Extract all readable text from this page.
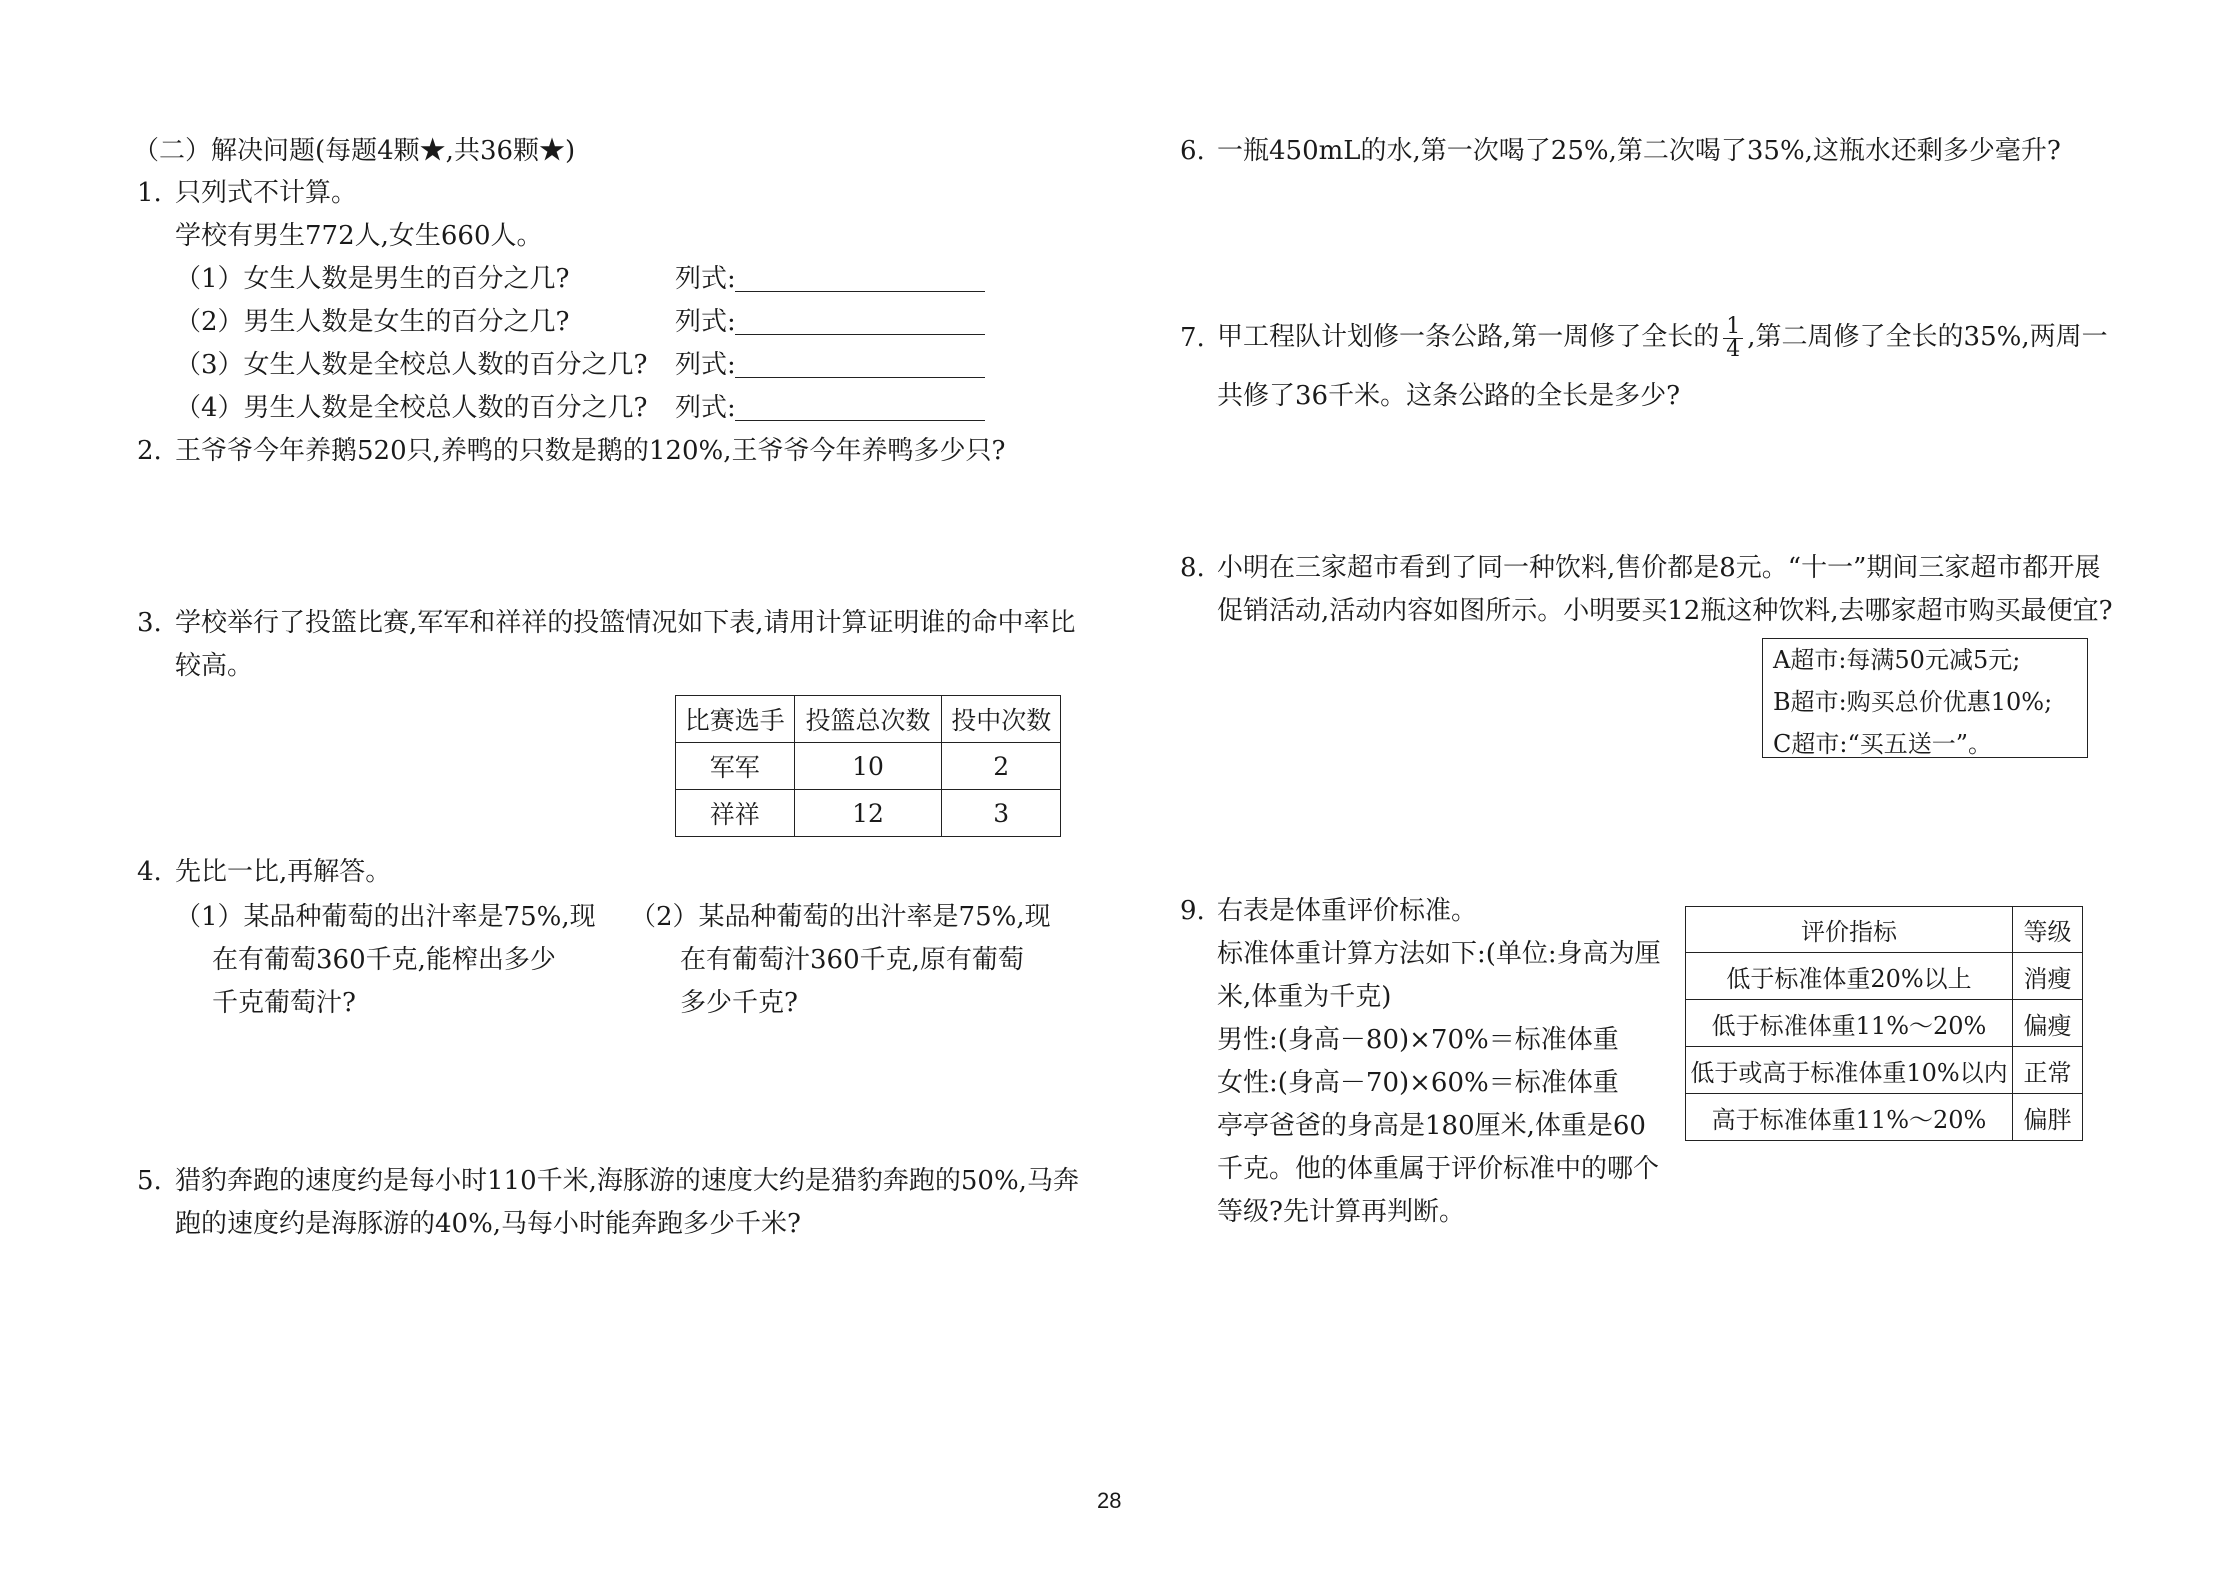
（二）解决问题(每题4颗★,共36颗★)
1. 只列式不计算。
学校有男生772人,女生660人。
（1）女生人数是男生的百分之几?	列式:
（2）男生人数是女生的百分之几?	列式:
（3）女生人数是全校总人数的百分之几? 列式:
（4）男生人数是全校总人数的百分之几? 列式:
2. 王爷爷今年养鹅520只,养鸭的只数是鹅的120%,王爷爷今年养鸭多少只?
3. 学校举行了投篮比赛,军军和祥祥的投篮情况如下表,请用计算证明谁的命中率比
较高。
比赛选手	投篮总次数	投中次数
军军	10	2
祥祥	12	3
4. 先比一比,再解答。
（1）某品种葡萄的出汁率是75%,现
在有葡萄360千克,能榨出多少
千克葡萄汁?
（2）某品种葡萄的出汁率是75%,现
在有葡萄汁360千克,原有葡萄
多少千克?
5. 猎豹奔跑的速度约是每小时110千米,海豚游的速度大约是猎豹奔跑的50%,马奔
跑的速度约是海豚游的40%,马每小时能奔跑多少千米?
6. 一瓶450mL的水,第一次喝了25%,第二次喝了35%,这瓶水还剩多少毫升?
7. 甲工程队计划修一条公路,第一周修了全长的 $\frac{1}{4}$ ,第二周修了全长的35%,两周一
共修了36千米。这条公路的全长是多少?
8. 小明在三家超市看到了同一种饮料,售价都是8元。“十一”期间三家超市都开展
促销活动,活动内容如图所示。小明要买12瓶这种饮料,去哪家超市购买最便宜?
A超市:每满50元减5元;
B超市:购买总价优惠10%;
C超市:“买五送一”。
9. 右表是体重评价标准。
标准体重计算方法如下:(单位:身高为厘
米,体重为千克)
男性:(身高－80)×70%＝标准体重
女性:(身高－70)×60%＝标准体重
亭亭爸爸的身高是180厘米,体重是60
千克。他的体重属于评价标准中的哪个
等级?先计算再判断。
评价指标	等级
低于标准体重20%以上	消瘦
低于标准体重11%～20%	偏瘦
低于或高于标准体重10%以内	正常
高于标准体重11%～20%	偏胖
28
